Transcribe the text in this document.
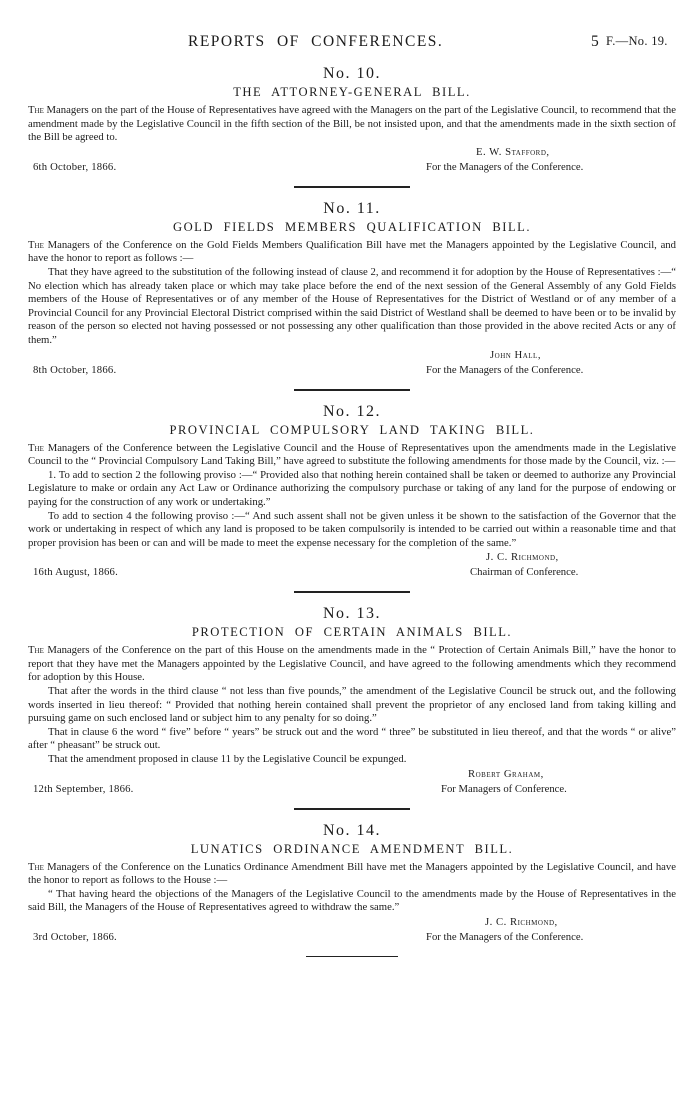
REPORTS OF CONFERENCES.	5 F.—No. 19.
No. 10.
THE ATTORNEY-GENERAL BILL.

The Managers on the part of the House of Representatives have agreed with the Managers on the part of the Legislative Council, to recommend that the amendment made by the Legislative Council in the fifth section of the Bill, be not insisted upon, and that the amendments made in the sixth section of the Bill be agreed to.

E. W. Stafford,
6th October, 1866.	For the Managers of the Conference.
No. 11.
GOLD FIELDS MEMBERS QUALIFICATION BILL.

The Managers of the Conference on the Gold Fields Members Qualification Bill have met the Managers appointed by the Legislative Council, and have the honor to report as follows :—

That they have agreed to the substitution of the following instead of clause 2, and recommend it for adoption by the House of Representatives :—“ No election which has already taken place or which may take place before the end of the next session of the General Assembly of any Gold Fields members of the House of Representatives or of any member of the House of Representatives for the District of Westland or of any member of a Provincial Council for any Provincial Electoral District comprised within the said District of Westland shall be deemed to have been or to be invalid by reason of the person so elected not having possessed or not possessing any other qualification than those provided in the above recited Acts or any of them.”

John Hall,
8th October, 1866.	For the Managers of the Conference.
No. 12.
PROVINCIAL COMPULSORY LAND TAKING BILL.

The Managers of the Conference between the Legislative Council and the House of Representatives upon the amendments made in the Legislative Council to the “ Provincial Compulsory Land Taking Bill,” have agreed to substitute the following amendments for those made by the Council, viz. :—

1. To add to section 2 the following proviso :—“ Provided also that nothing herein contained shall be taken or deemed to authorize any Provincial Legislature to make or ordain any Act Law or Ordinance authorizing the compulsory purchase or taking of any land for the purpose of endowing or paying for the construction of any work or undertaking.”

To add to section 4 the following proviso :—“ And such assent shall not be given unless it be shown to the satisfaction of the Governor that the work or undertaking in respect of which any land is proposed to be taken compulsorily is intended to be carried out within a reasonable time and that proper provision has been or can and will be made to meet the expense necessary for the completion of the same.”

J. C. Richmond,
16th August, 1866.	Chairman of Conference.
No. 13.
PROTECTION OF CERTAIN ANIMALS BILL.

The Managers of the Conference on the part of this House on the amendments made in the “ Protection of Certain Animals Bill,” have the honor to report that they have met the Managers appointed by the Legislative Council, and have agreed to the following amendments which they recommend for adoption by this House.

That after the words in the third clause “ not less than five pounds,” the amendment of the Legislative Council be struck out, and the following words inserted in lieu thereof: “ Provided that nothing herein contained shall prevent the proprietor of any enclosed land from taking killing and pursuing game on such enclosed land or subject him to any penalty for so doing.”

That in clause 6 the word “ five” before “ years” be struck out and the word “ three” be substituted in lieu thereof, and that the words “ or alive” after “ pheasant” be struck out.

That the amendment proposed in clause 11 by the Legislative Council be expunged.

Robert Graham,
12th September, 1866.	For Managers of Conference.
No. 14.
LUNATICS ORDINANCE AMENDMENT BILL.

The Managers of the Conference on the Lunatics Ordinance Amendment Bill have met the Managers appointed by the Legislative Council, and have the honor to report as follows to the House :—

“ That having heard the objections of the Managers of the Legislative Council to the amendments made by the House of Representatives in the said Bill, the Managers of the House of Representatives agreed to withdraw the same.”

J. C. Richmond,
3rd October, 1866.	For the Managers of the Conference.
